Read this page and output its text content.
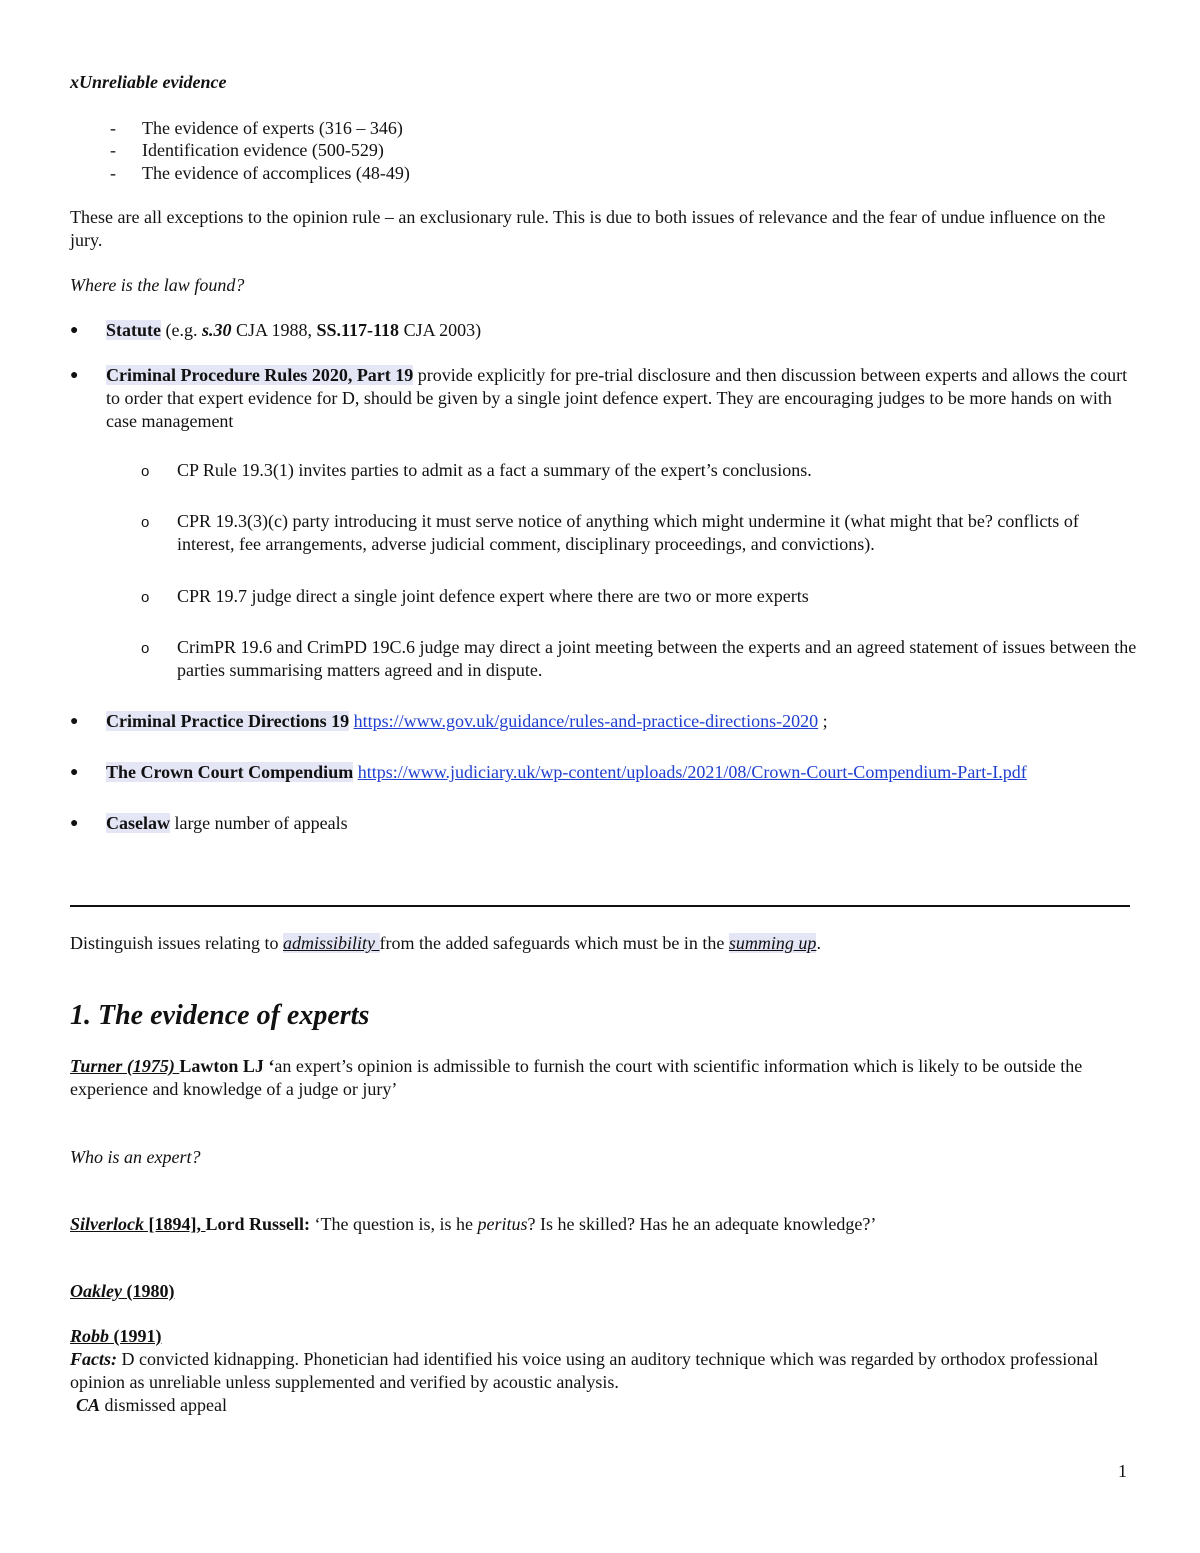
xUnreliable evidence

- The evidence of experts (316 – 346)
- Identification evidence (500-529)
- The evidence of accomplices (48-49)

These are all exceptions to the opinion rule – an exclusionary rule. This is due to both issues of relevance and the fear of undue influence on the jury.

Where is the law found?

● Statute (e.g. s.30 CJA 1988, SS.117-118 CJA 2003)
● Criminal Procedure Rules 2020, Part 19 provide explicitly for pre-trial disclosure and then discussion between experts and allows the court to order that expert evidence for D, should be given by a single joint defence expert. They are encouraging judges to be more hands on with case management
o CP Rule 19.3(1) invites parties to admit as a fact a summary of the expert’s conclusions.
o CPR 19.3(3)(c) party introducing it must serve notice of anything which might undermine it (what might that be? conflicts of interest, fee arrangements, adverse judicial comment, disciplinary proceedings, and convictions).
o CPR 19.7 judge direct a single joint defence expert where there are two or more experts
o CrimPR 19.6 and CrimPD 19C.6 judge may direct a joint meeting between the experts and an agreed statement of issues between the parties summarising matters agreed and in dispute.
● Criminal Practice Directions 19 https://www.gov.uk/guidance/rules-and-practice-directions-2020 ;
● The Crown Court Compendium https://www.judiciary.uk/wp-content/uploads/2021/08/Crown-Court-Compendium-Part-I.pdf
● Caselaw large number of appeals

Distinguish issues relating to admissibility from the added safeguards which must be in the summing up.

1. The evidence of experts

Turner (1975) Lawton LJ ‘an expert’s opinion is admissible to furnish the court with scientific information which is likely to be outside the experience and knowledge of a judge or jury’

Who is an expert?

Silverlock [1894], Lord Russell: ‘The question is, is he peritus? Is he skilled? Has he an adequate knowledge?’

Oakley (1980)

Robb (1991)

Facts: D convicted kidnapping. Phonetician had identified his voice using an auditory technique which was regarded by orthodox professional opinion as unreliable unless supplemented and verified by acoustic analysis.

CA dismissed appeal

1
